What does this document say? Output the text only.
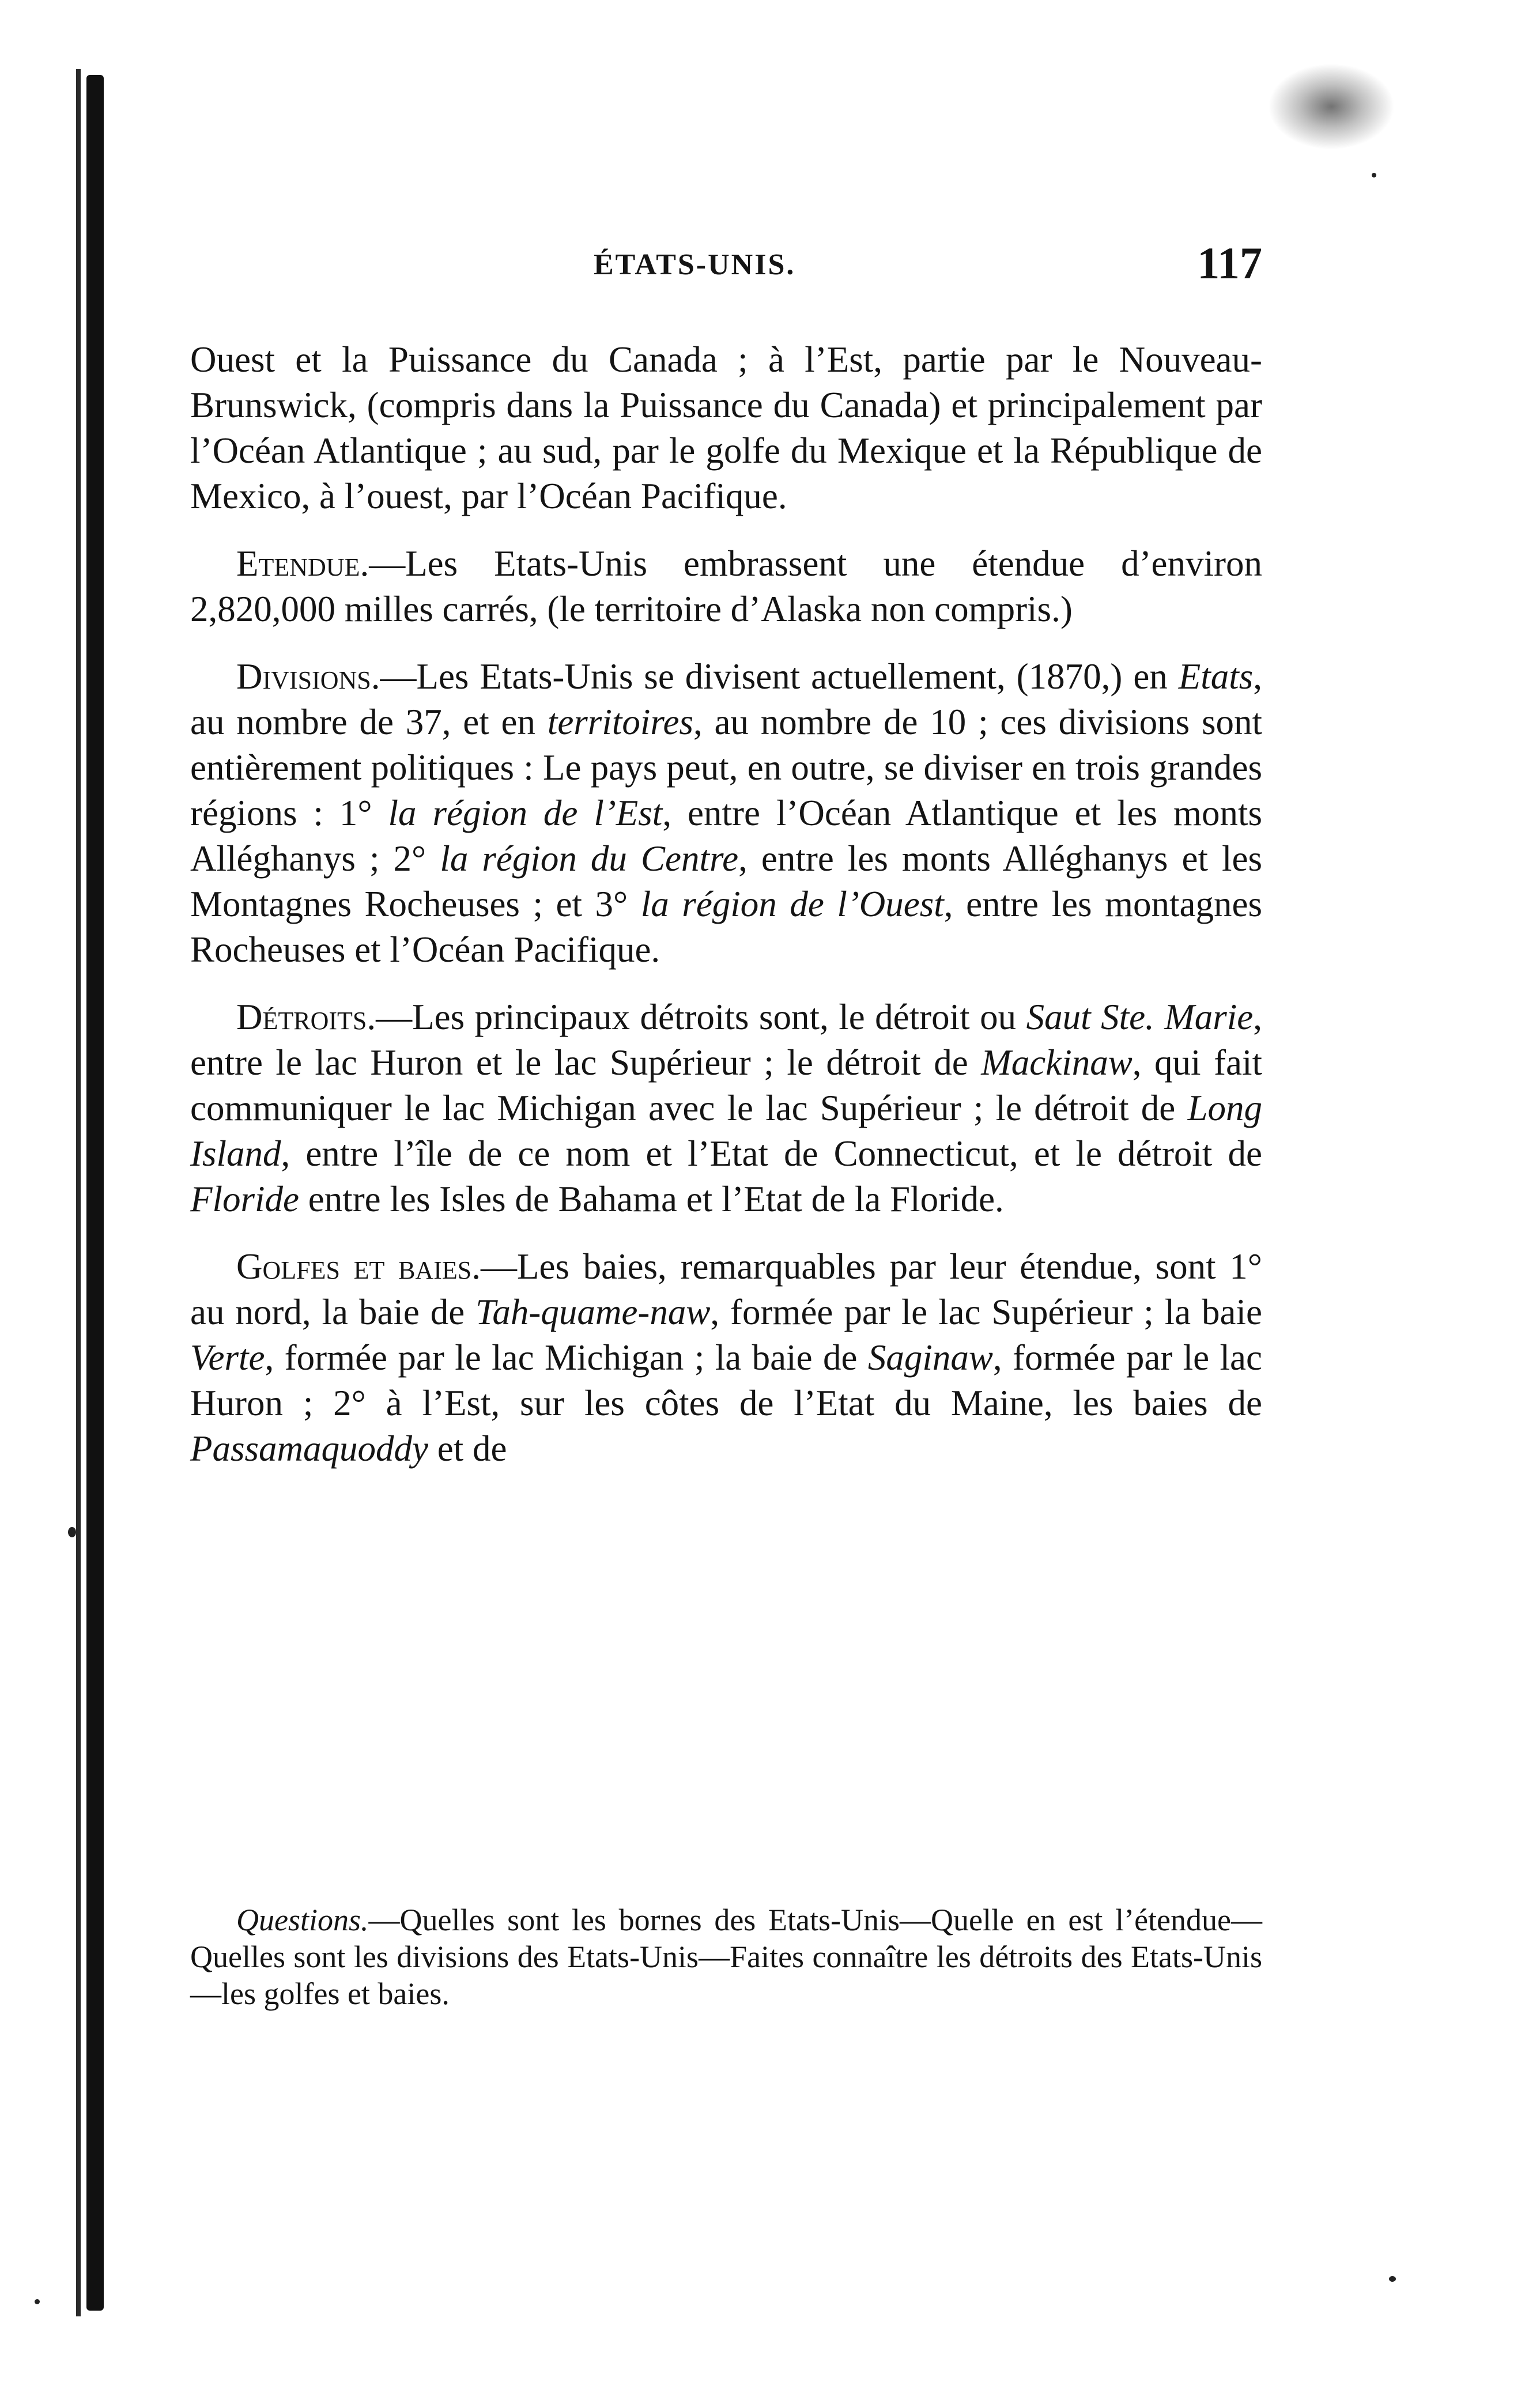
ÉTATS-UNIS.	117

Ouest et la Puissance du Canada ; à l’Est, partie par le Nouveau-Brunswick, (compris dans la Puissance du Canada) et principalement par l’Océan Atlantique ; au sud, par le golfe du Mexique et la République de Mexico, à l’ouest, par l’Océan Pacifique.

Etendue.—Les Etats-Unis embrassent une étendue d’environ 2,820,000 milles carrés, (le territoire d’Alaska non compris.)

Divisions.—Les Etats-Unis se divisent actuellement, (1870,) en Etats, au nombre de 37, et en territoires, au nombre de 10 ; ces divisions sont entièrement politiques : Le pays peut, en outre, se diviser en trois grandes régions : 1° la région de l’Est, entre l’Océan Atlantique et les monts Alléghanys ; 2° la région du Centre, entre les monts Alléghanys et les Montagnes Rocheuses ; et 3° la région de l’Ouest, entre les montagnes Rocheuses et l’Océan Pacifique.

Détroits.—Les principaux détroits sont, le détroit ou Saut Ste. Marie, entre le lac Huron et le lac Supérieur ; le détroit de Mackinaw, qui fait communiquer le lac Michigan avec le lac Supérieur ; le détroit de Long Island, entre l’île de ce nom et l’Etat de Connecticut, et le détroit de Floride entre les Isles de Bahama et l’Etat de la Floride.

Golfes et baies.—Les baies, remarquables par leur étendue, sont 1° au nord, la baie de Tah-quame-naw, formée par le lac Supérieur ; la baie Verte, formée par le lac Michigan ; la baie de Saginaw, formée par le lac Huron ; 2° à l’Est, sur les côtes de l’Etat du Maine, les baies de Passamaquoddy et de

Questions.—Quelles sont les bornes des Etats-Unis—Quelle en est l’étendue—Quelles sont les divisions des Etats-Unis—Faites connaître les détroits des Etats-Unis—les golfes et baies.
